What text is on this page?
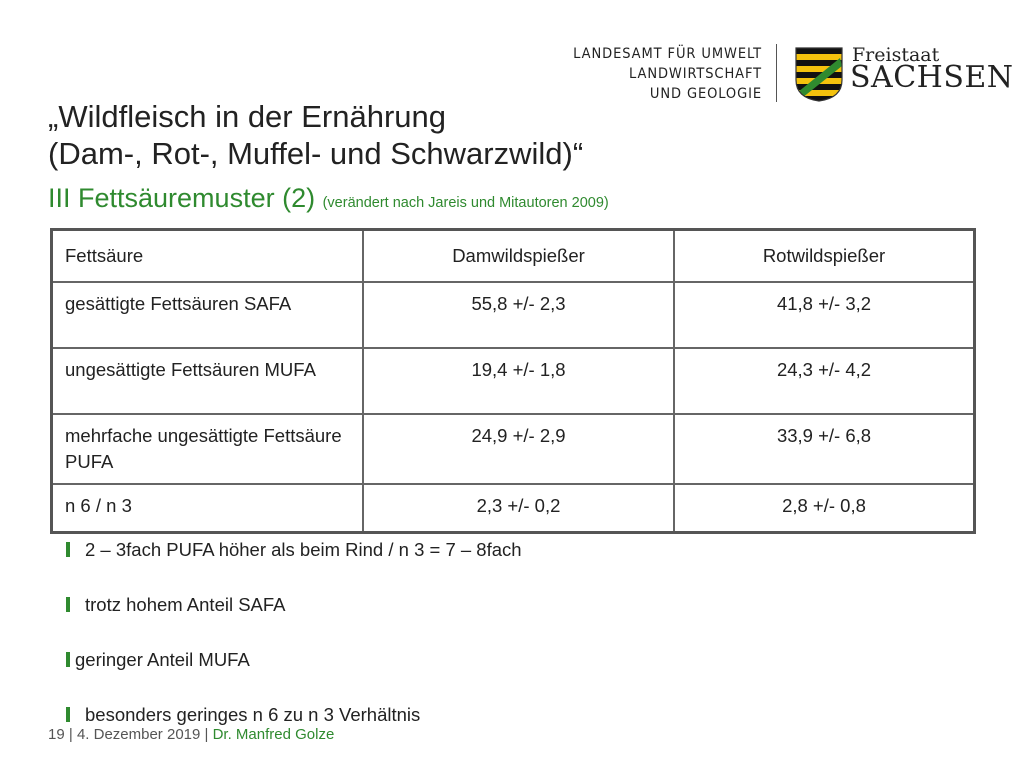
LANDESAMT FÜR UMWELT
LANDWIRTSCHAFT
UND GEOLOGIE
Freistaat
SACHSEN
„Wildfleisch in der Ernährung
(Dam-, Rot-, Muffel- und Schwarzwild)“
III Fettsäuremuster (2) (verändert nach Jareis und Mitautoren 2009)
Fettsäure	Damwildspießer	Rotwildspießer
gesättigte Fettsäuren SAFA	55,8 +/- 2,3	41,8 +/- 3,2
ungesättigte Fettsäuren MUFA	19,4 +/- 1,8	24,3 +/- 4,2
mehrfache ungesättigte Fettsäure PUFA	24,9 +/- 2,9	33,9 +/- 6,8
n 6 / n 3	2,3 +/- 0,2	2,8 +/- 0,8
2 – 3fach PUFA höher als beim Rind / n 3 = 7 – 8fach
trotz hohem Anteil SAFA
geringer Anteil MUFA
besonders geringes n 6 zu n 3 Verhältnis
19 | 4. Dezember 2019 | Dr. Manfred Golze
